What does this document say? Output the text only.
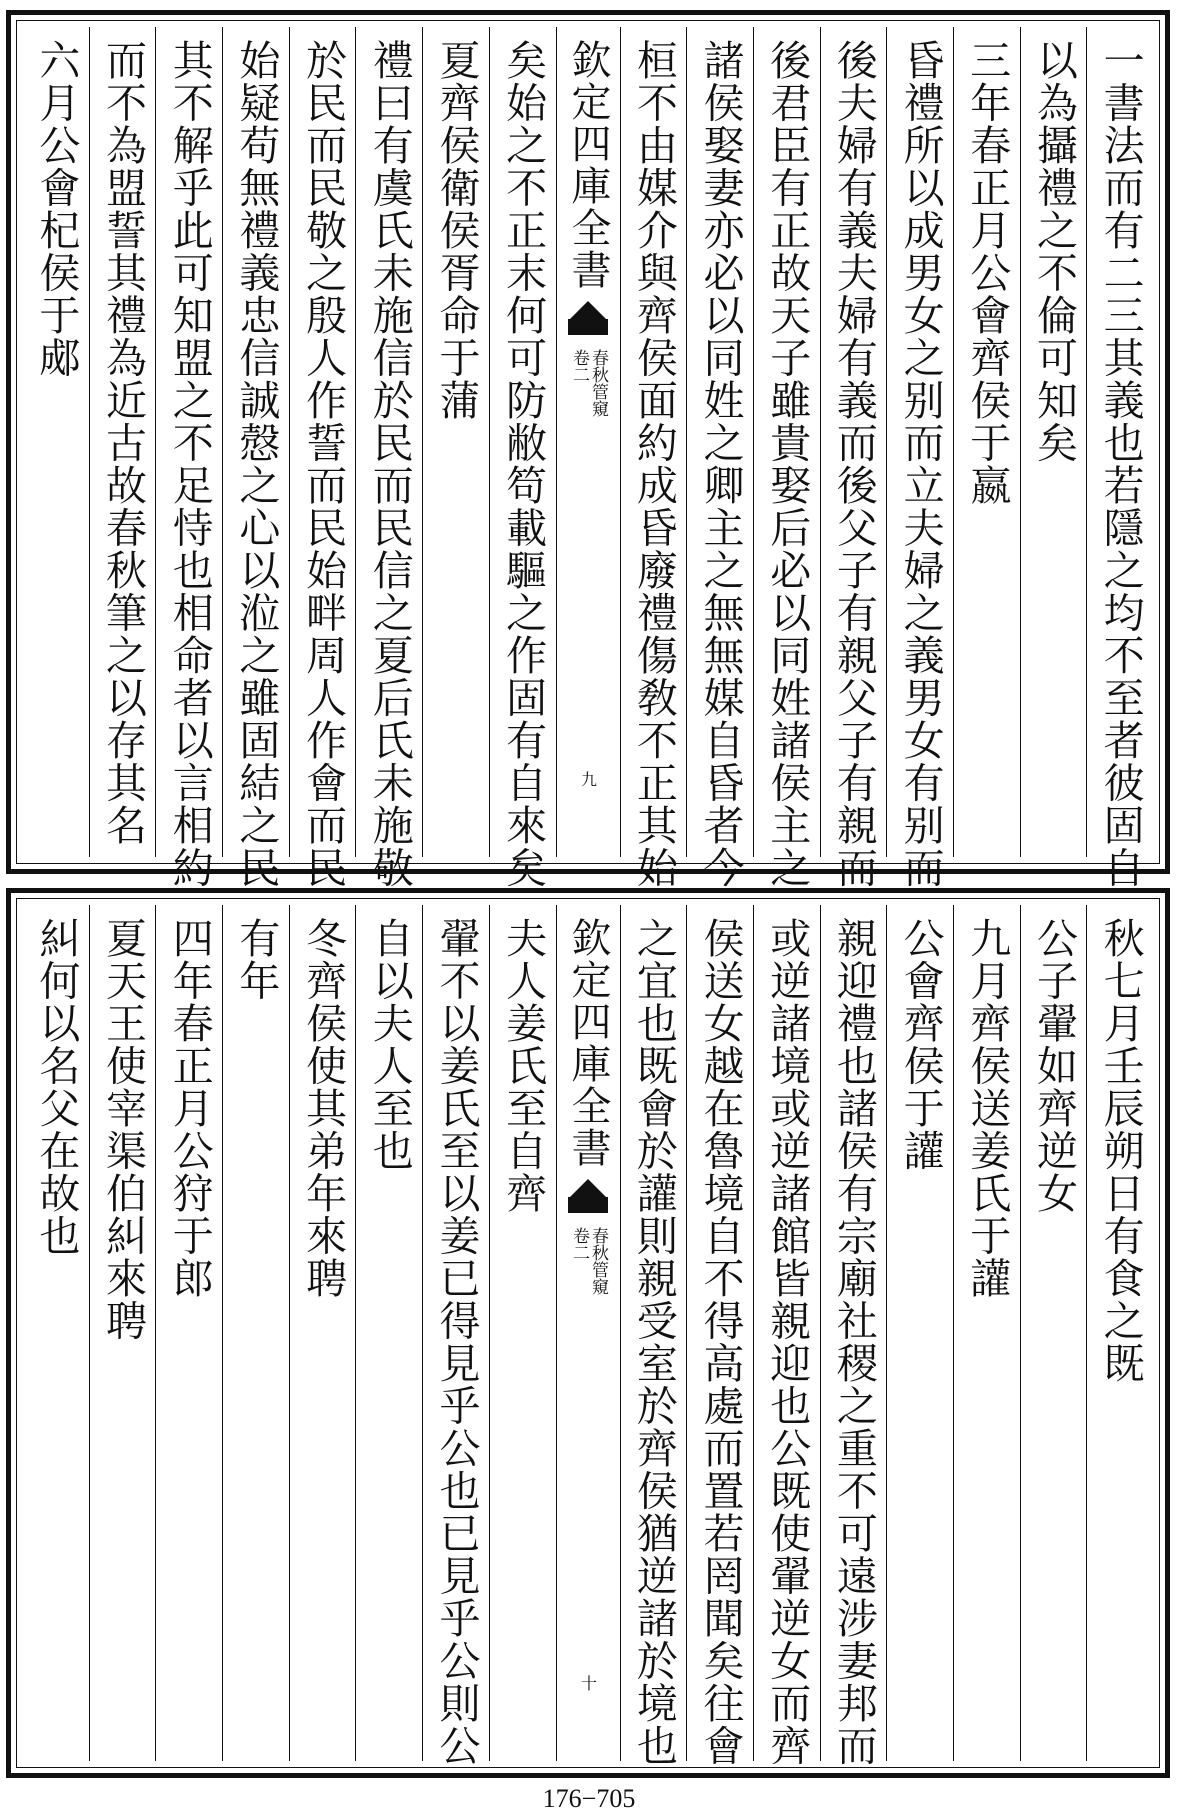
一書法而有二三其義也若隱之均不至者彼固自
以為攝禮之不倫可知矣
三年春正月公會齊侯于嬴
昏禮所以成男女之别而立夫婦之義男女有别而
後夫婦有義夫婦有義而後父子有親父子有親而
後君臣有正故天子雖貴娶后必以同姓諸侯主之
諸侯娶妻亦必以同姓之卿主之無無媒自昏者今
桓不由媒介與齊侯面約成昏廢禮傷敎不正其始
欽定四庫全書
春秋管窺
卷二
九
矣始之不正末何可防敝笱載驅之作固有自來矣
夏齊侯衛侯胥命于蒲
禮曰有虞氏未施信於民而民信之夏后氏未施敬
於民而民敬之殷人作誓而民始畔周人作會而民
始疑苟無禮義忠信誠慤之心以涖之雖固結之民
其不解乎此可知盟之不足恃也相命者以言相約
而不為盟誓其禮為近古故春秋筆之以存其名
六月公會杞侯于郕
秋七月壬辰朔日有食之既
公子翬如齊逆女
九月齊侯送姜氏于讙
公會齊侯于讙
親迎禮也諸侯有宗廟社稷之重不可遠涉妻邦而
或逆諸境或逆諸館皆親迎也公既使翬逆女而齊
侯送女越在魯境自不得高處而置若罔聞矣往會
之宜也既會於讙則親受室於齊侯猶逆諸於境也
欽定四庫全書
春秋管窺
卷二
十
夫人姜氏至自齊
翬不以姜氏至以姜已得見乎公也已見乎公則公
自以夫人至也
冬齊侯使其弟年來聘
有年
四年春正月公狩于郎
夏天王使宰渠伯糾來聘
糾何以名父在故也
176−705
